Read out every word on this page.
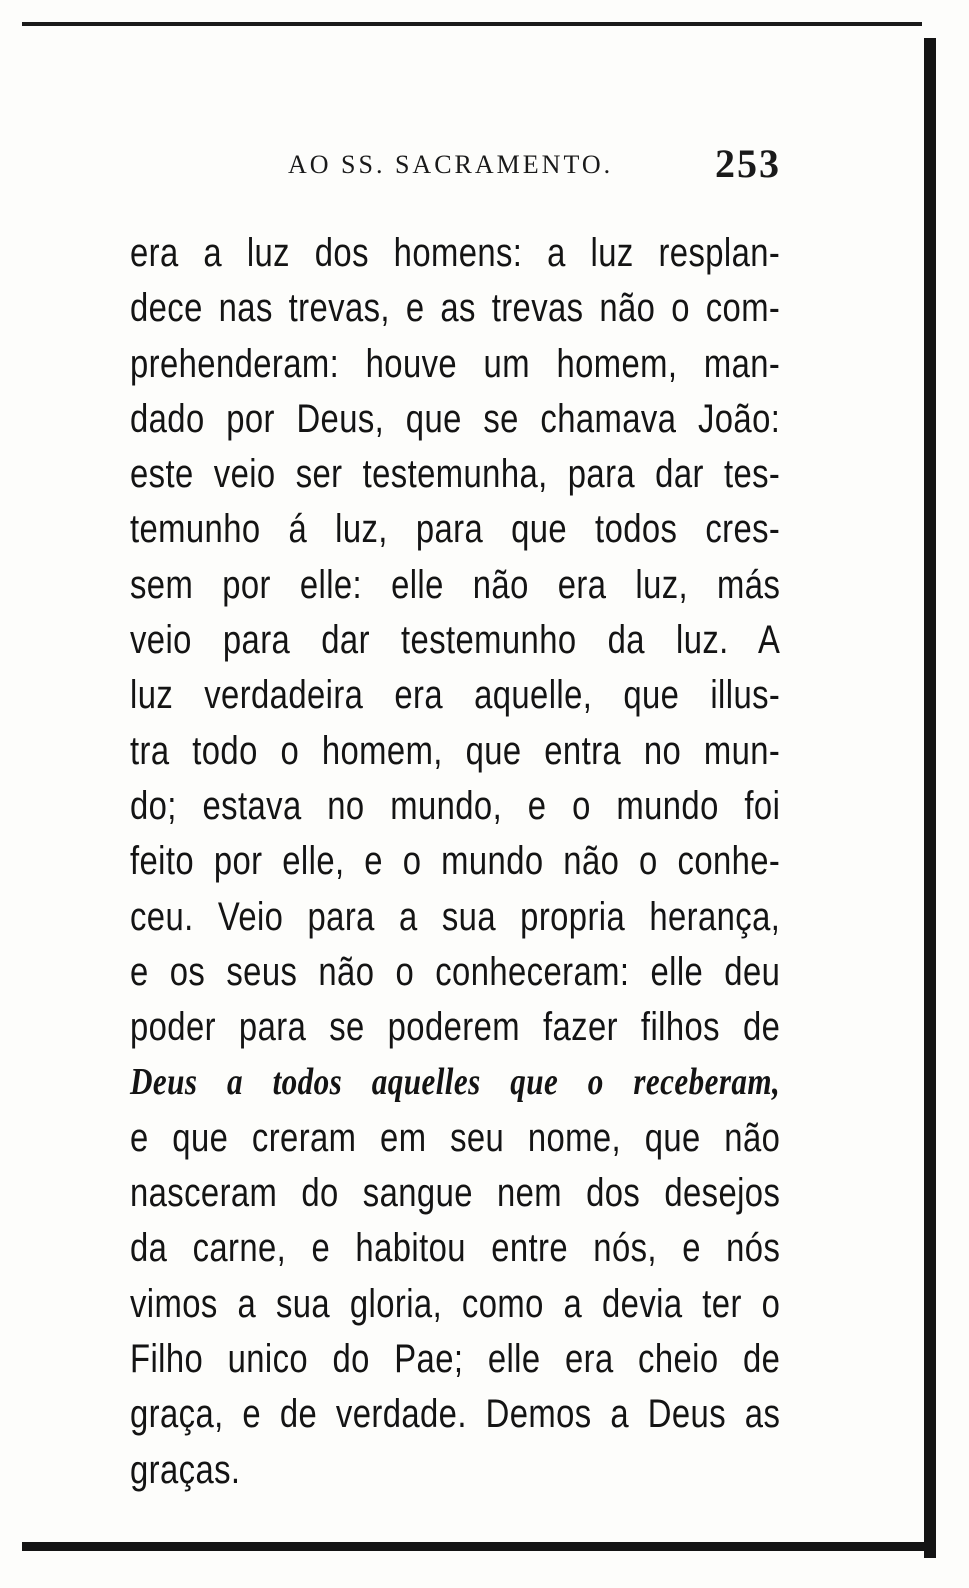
AO SS. SACRAMENTO.	253
era a luz dos homens: a luz resplan-
dece nas trevas, e as trevas não o com-
prehenderam: houve um homem, man-
dado por Deus, que se chamava João:
este veio ser testemunha, para dar tes-
temunho á luz, para que todos cres-
sem por elle: elle não era luz, más
veio para dar testemunho da luz. A
luz verdadeira era aquelle, que illus-
tra todo o homem, que entra no mun-
do; estava no mundo, e o mundo foi
feito por elle, e o mundo não o conhe-
ceu. Veio para a sua propria herança,
e os seus não o conheceram: elle deu
poder para se poderem fazer filhos de
Deus a todos aquelles que o receberam,
e que creram em seu nome, que não
nasceram do sangue nem dos desejos
da carne, e habitou entre nós, e nós
vimos a sua gloria, como a devia ter o
Filho unico do Pae; elle era cheio de
graça, e de verdade. Demos a Deus as
graças.
